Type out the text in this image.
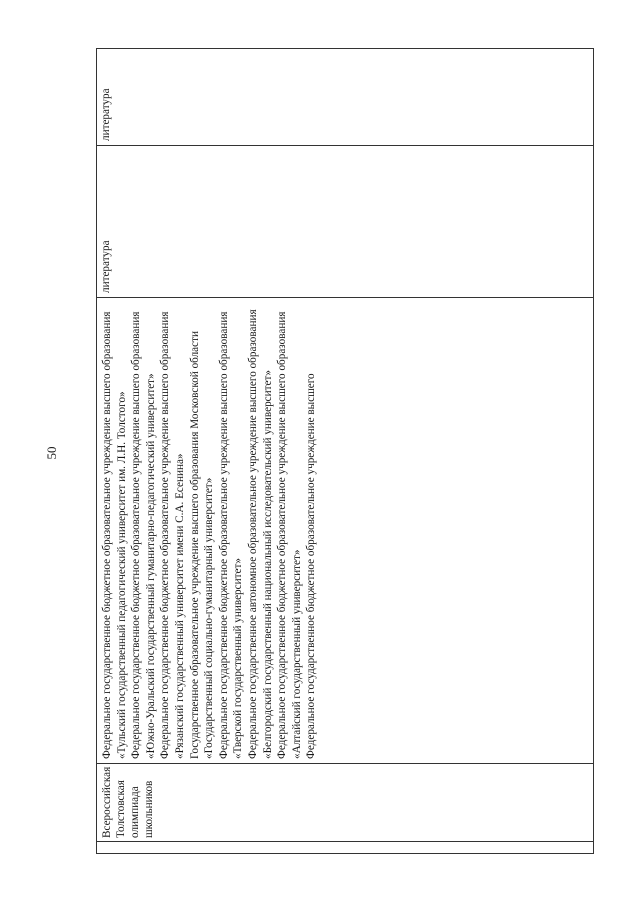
50
Всероссийская Толстовская олимпиада школьников
Федеральное государственное бюджетное образовательное учреждение высшего образования «Тульский государственный педагогический университет им. Л.Н. Толстого» Федеральное государственное бюджетное образовательное учреждение высшего образования «Южно-Уральский государственный гуманитарно-педагогический университет» Федеральное государственное бюджетное образовательное учреждение высшего образования «Рязанский государственный университет имени С.А. Есенина» Государственное образовательное учреждение высшего образования Московской области «Государственный социально-гуманитарный университет» Федеральное государственное бюджетное образовательное учреждение высшего образования «Тверской государственный университет» Федеральное государственное автономное образовательное учреждение высшего образования «Белгородский государственный национальный исследовательский университет» Федеральное государственное бюджетное образовательное учреждение высшего образования «Алтайский государственный университет» Федеральное государственное бюджетное образовательное учреждение высшего
литература
литература
